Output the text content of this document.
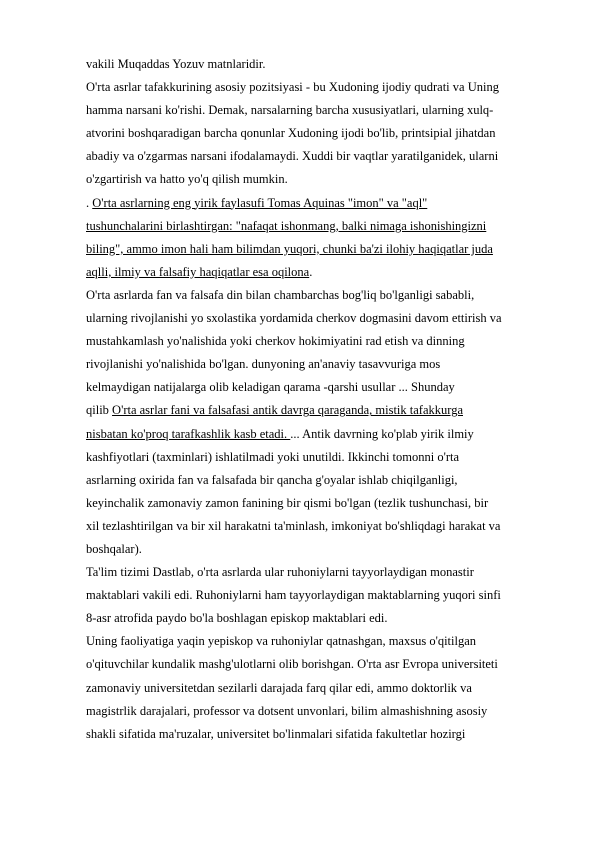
vakili Muqaddas Yozuv matnlaridir.
O'rta asrlar tafakkurining asosiy pozitsiyasi - bu Xudoning ijodiy qudrati va Uning
hamma narsani ko'rishi. Demak, narsalarning barcha xususiyatlari, ularning xulq-
atvorini boshqaradigan barcha qonunlar Xudoning ijodi bo'lib, printsipial jihatdan
abadiy va o'zgarmas narsani ifodalamaydi. Xuddi bir vaqtlar yaratilganidek, ularni
o'zgartirish va hatto yo'q qilish mumkin.
. O'rta asrlarning eng yirik faylasufi Tomas Aquinas "imon" va "aql"
tushunchalarini birlashtirgan: "nafaqat ishonmang, balki nimaga ishonishingizni
biling", ammo imon hali ham bilimdan yuqori, chunki ba'zi ilohiy haqiqatlar juda
aqlli, ilmiy va falsafiy haqiqatlar esa oqilona.
O'rta asrlarda fan va falsafa din bilan chambarchas bog'liq bo'lganligi sababli,
ularning rivojlanishi yo sxolastika yordamida cherkov dogmasini davom ettirish va
mustahkamlash yo'nalishida yoki cherkov hokimiyatini rad etish va dinning
rivojlanishi yo'nalishida bo'lgan. dunyoning an'anaviy tasavvuriga mos
kelmaydigan natijalarga olib keladigan qarama -qarshi usullar ... Shunday
qilib O'rta asrlar fani va falsafasi antik davrga qaraganda, mistik tafakkurga
nisbatan ko'proq tarafkashlik kasb etadi. ... Antik davrning ko'plab yirik ilmiy
kashfiyotlari (taxminlari) ishlatilmadi yoki unutildi. Ikkinchi tomonni o'rta
asrlarning oxirida fan va falsafada bir qancha g'oyalar ishlab chiqilganligi,
keyinchalik zamonaviy zamon fanining bir qismi bo'lgan (tezlik tushunchasi, bir
xil tezlashtirilgan va bir xil harakatni ta'minlash, imkoniyat bo'shliqdagi harakat va
boshqalar).
Ta'lim tizimi Dastlab, o'rta asrlarda ular ruhoniylarni tayyorlaydigan monastir
maktablari vakili edi. Ruhoniylarni ham tayyorlaydigan maktablarning yuqori sinfi
8-asr atrofida paydo bo'la boshlagan episkop maktablari edi.
Uning faoliyatiga yaqin yepiskop va ruhoniylar qatnashgan, maxsus o'qitilgan
o'qituvchilar kundalik mashg'ulotlarni olib borishgan. O'rta asr Evropa universiteti
zamonaviy universitetdan sezilarli darajada farq qilar edi, ammo doktorlik va
magistrlik darajalari, professor va dotsent unvonlari, bilim almashishning asosiy
shakli sifatida ma'ruzalar, universitet bo'linmalari sifatida fakultetlar hozirgi
